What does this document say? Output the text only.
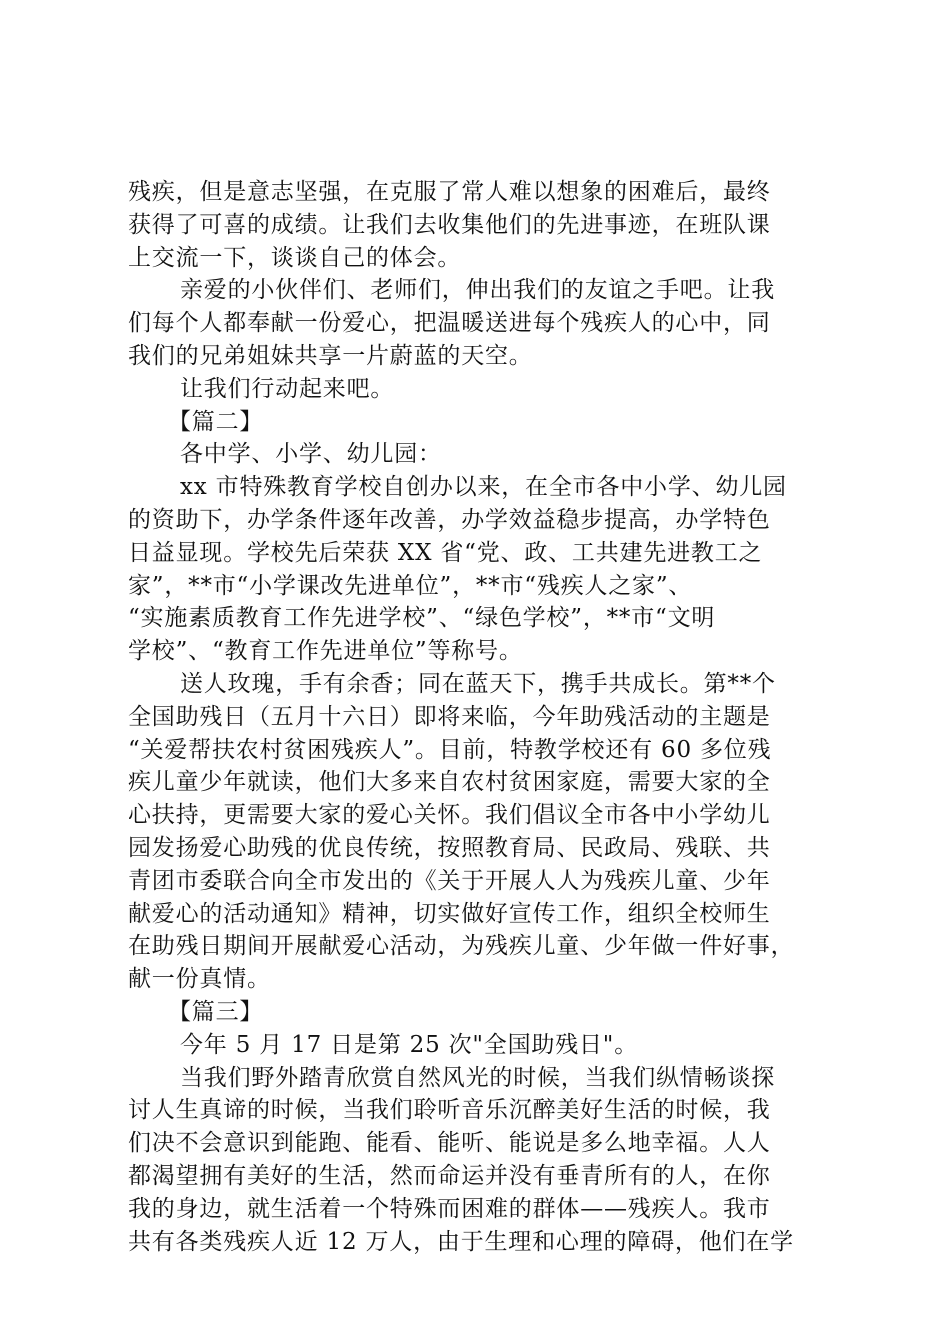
残疾，但是意志坚强，在克服了常人难以想象的困难后，最终
获得了可喜的成绩。让我们去收集他们的先进事迹，在班队课
上交流一下，谈谈自己的体会。
亲爱的小伙伴们、老师们，伸出我们的友谊之手吧。让我
们每个人都奉献一份爱心，把温暖送进每个残疾人的心中，同
我们的兄弟姐妹共享一片蔚蓝的天空。
让我们行动起来吧。
【篇二】
各中学、小学、幼儿园：
xx 市特殊教育学校自创办以来，在全市各中小学、幼儿园
的资助下，办学条件逐年改善，办学效益稳步提高，办学特色
日益显现。学校先后荣获 XX 省“党、政、工共建先进教工之
家”，**市“小学课改先进单位”，**市“残疾人之家”、
“实施素质教育工作先进学校”、“绿色学校”，**市“文明
学校”、“教育工作先进单位”等称号。
送人玫瑰，手有余香；同在蓝天下，携手共成长。第**个
全国助残日（五月十六日）即将来临，今年助残活动的主题是
“关爱帮扶农村贫困残疾人”。目前，特教学校还有 60 多位残
疾儿童少年就读，他们大多来自农村贫困家庭，需要大家的全
心扶持，更需要大家的爱心关怀。我们倡议全市各中小学幼儿
园发扬爱心助残的优良传统，按照教育局、民政局、残联、共
青团市委联合向全市发出的《关于开展人人为残疾儿童、少年
献爱心的活动通知》精神，切实做好宣传工作，组织全校师生
在助残日期间开展献爱心活动，为残疾儿童、少年做一件好事，
献一份真情。
【篇三】
今年 5 月 17 日是第 25 次"全国助残日"。
当我们野外踏青欣赏自然风光的时候，当我们纵情畅谈探
讨人生真谛的时候，当我们聆听音乐沉醉美好生活的时候，我
们决不会意识到能跑、能看、能听、能说是多么地幸福。人人
都渴望拥有美好的生活，然而命运并没有垂青所有的人，在你
我的身边，就生活着一个特殊而困难的群体——残疾人。我市
共有各类残疾人近 12 万人，由于生理和心理的障碍，他们在学
